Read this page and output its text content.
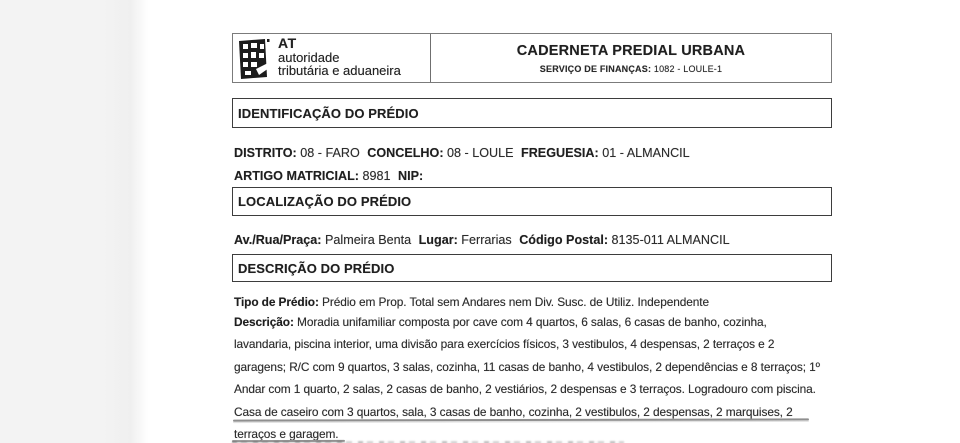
AT
autoridade
tributária e aduaneira
CADERNETA PREDIAL URBANA
SERVIÇO DE FINANÇAS: 1082 - LOULE-1
IDENTIFICAÇÃO DO PRÉDIO
DISTRITO: 08 - FARO CONCELHO: 08 - LOULE FREGUESIA: 01 - ALMANCIL
ARTIGO MATRICIAL: 8981 NIP:
LOCALIZAÇÃO DO PRÉDIO
Av./Rua/Praça: Palmeira Benta Lugar: Ferrarias Código Postal: 8135-011 ALMANCIL
DESCRIÇÃO DO PRÉDIO
Tipo de Prédio: Prédio em Prop. Total sem Andares nem Div. Susc. de Utiliz. Independente
Descrição: Moradia unifamiliar composta por cave com 4 quartos, 6 salas, 6 casas de banho, cozinha,
lavandaria, piscina interior, uma divisão para exercícios físicos, 3 vestibulos, 4 despensas, 2 terraços e 2
garagens; R/C com 9 quartos, 3 salas, cozinha, 11 casas de banho, 4 vestibulos, 2 dependências e 8 terraços; 1º
Andar com 1 quarto, 2 salas, 2 casas de banho, 2 vestiários, 2 despensas e 3 terraços. Logradouro com piscina.
Casa de caseiro com 3 quartos, sala, 3 casas de banho, cozinha, 2 vestibulos, 2 despensas, 2 marquises, 2
terraços e garagem.
